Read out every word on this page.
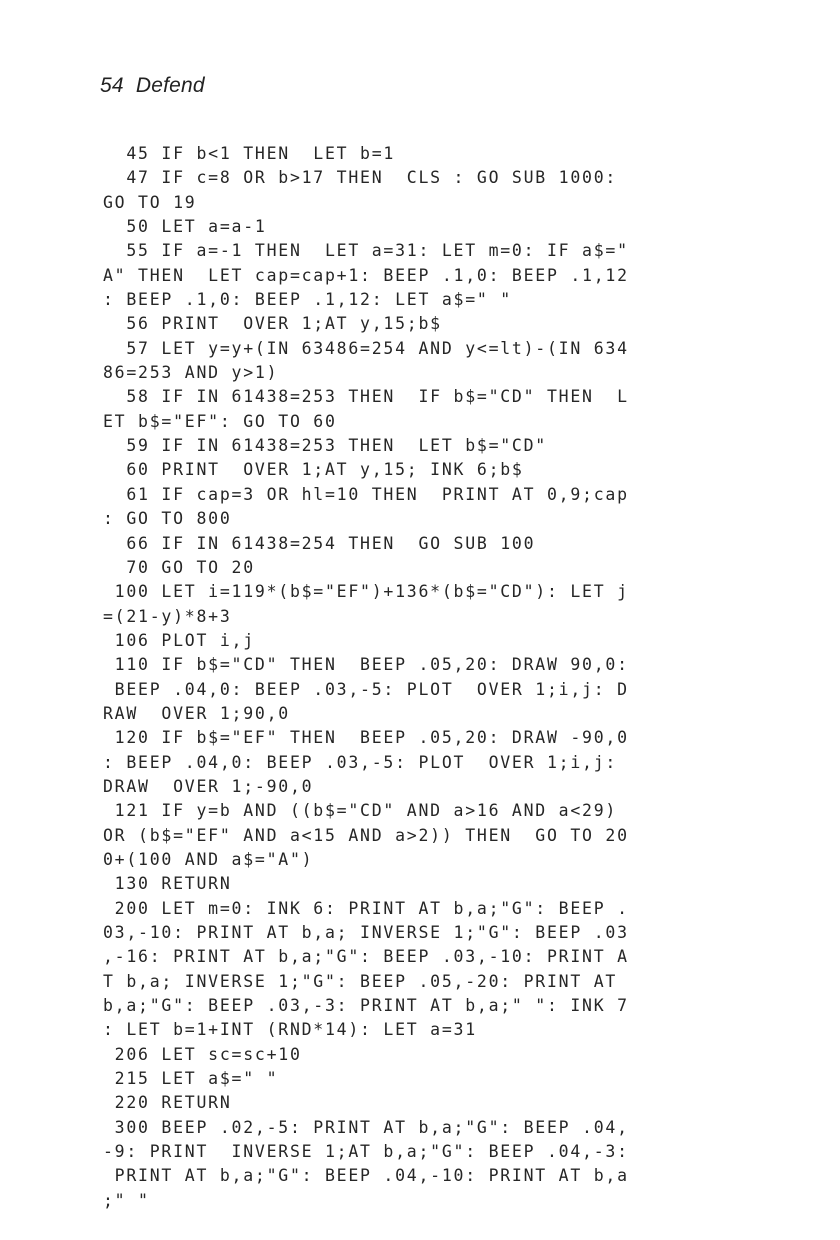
54 Defend
45 IF b<1 THEN  LET b=1
47 IF c=8 OR b>17 THEN  CLS : GO SUB 1000:
GO TO 19
50 LET a=a-1
55 IF a=-1 THEN  LET a=31: LET m=0: IF a$="
A" THEN  LET cap=cap+1: BEEP .1,0: BEEP .1,12
: BEEP .1,0: BEEP .1,12: LET a$=" "
56 PRINT  OVER 1;AT y,15;b$
57 LET y=y+(IN 63486=254 AND y<=lt)-(IN 634
86=253 AND y>1)
58 IF IN 61438=253 THEN  IF b$="CD" THEN  L
ET b$="EF": GO TO 60
59 IF IN 61438=253 THEN  LET b$="CD"
60 PRINT  OVER 1;AT y,15; INK 6;b$
61 IF cap=3 OR hl=10 THEN  PRINT AT 0,9;cap
: GO TO 800
66 IF IN 61438=254 THEN  GO SUB 100
70 GO TO 20
100 LET i=119*(b$="EF")+136*(b$="CD"): LET j
=(21-y)*8+3
106 PLOT i,j
110 IF b$="CD" THEN  BEEP .05,20: DRAW 90,0:
BEEP .04,0: BEEP .03,-5: PLOT  OVER 1;i,j: D
RAW  OVER 1;90,0
120 IF b$="EF" THEN  BEEP .05,20: DRAW -90,0
: BEEP .04,0: BEEP .03,-5: PLOT  OVER 1;i,j:
DRAW  OVER 1;-90,0
121 IF y=b AND ((b$="CD" AND a>16 AND a<29)
OR (b$="EF" AND a<15 AND a>2)) THEN  GO TO 20
0+(100 AND a$="A")
130 RETURN
200 LET m=0: INK 6: PRINT AT b,a;"G": BEEP .
03,-10: PRINT AT b,a; INVERSE 1;"G": BEEP .03
,-16: PRINT AT b,a;"G": BEEP .03,-10: PRINT A
T b,a; INVERSE 1;"G": BEEP .05,-20: PRINT AT
b,a;"G": BEEP .03,-3: PRINT AT b,a;" ": INK 7
: LET b=1+INT (RND*14): LET a=31
206 LET sc=sc+10
215 LET a$=" "
220 RETURN
300 BEEP .02,-5: PRINT AT b,a;"G": BEEP .04,
-9: PRINT  INVERSE 1;AT b,a;"G": BEEP .04,-3:
PRINT AT b,a;"G": BEEP .04,-10: PRINT AT b,a
;" "
